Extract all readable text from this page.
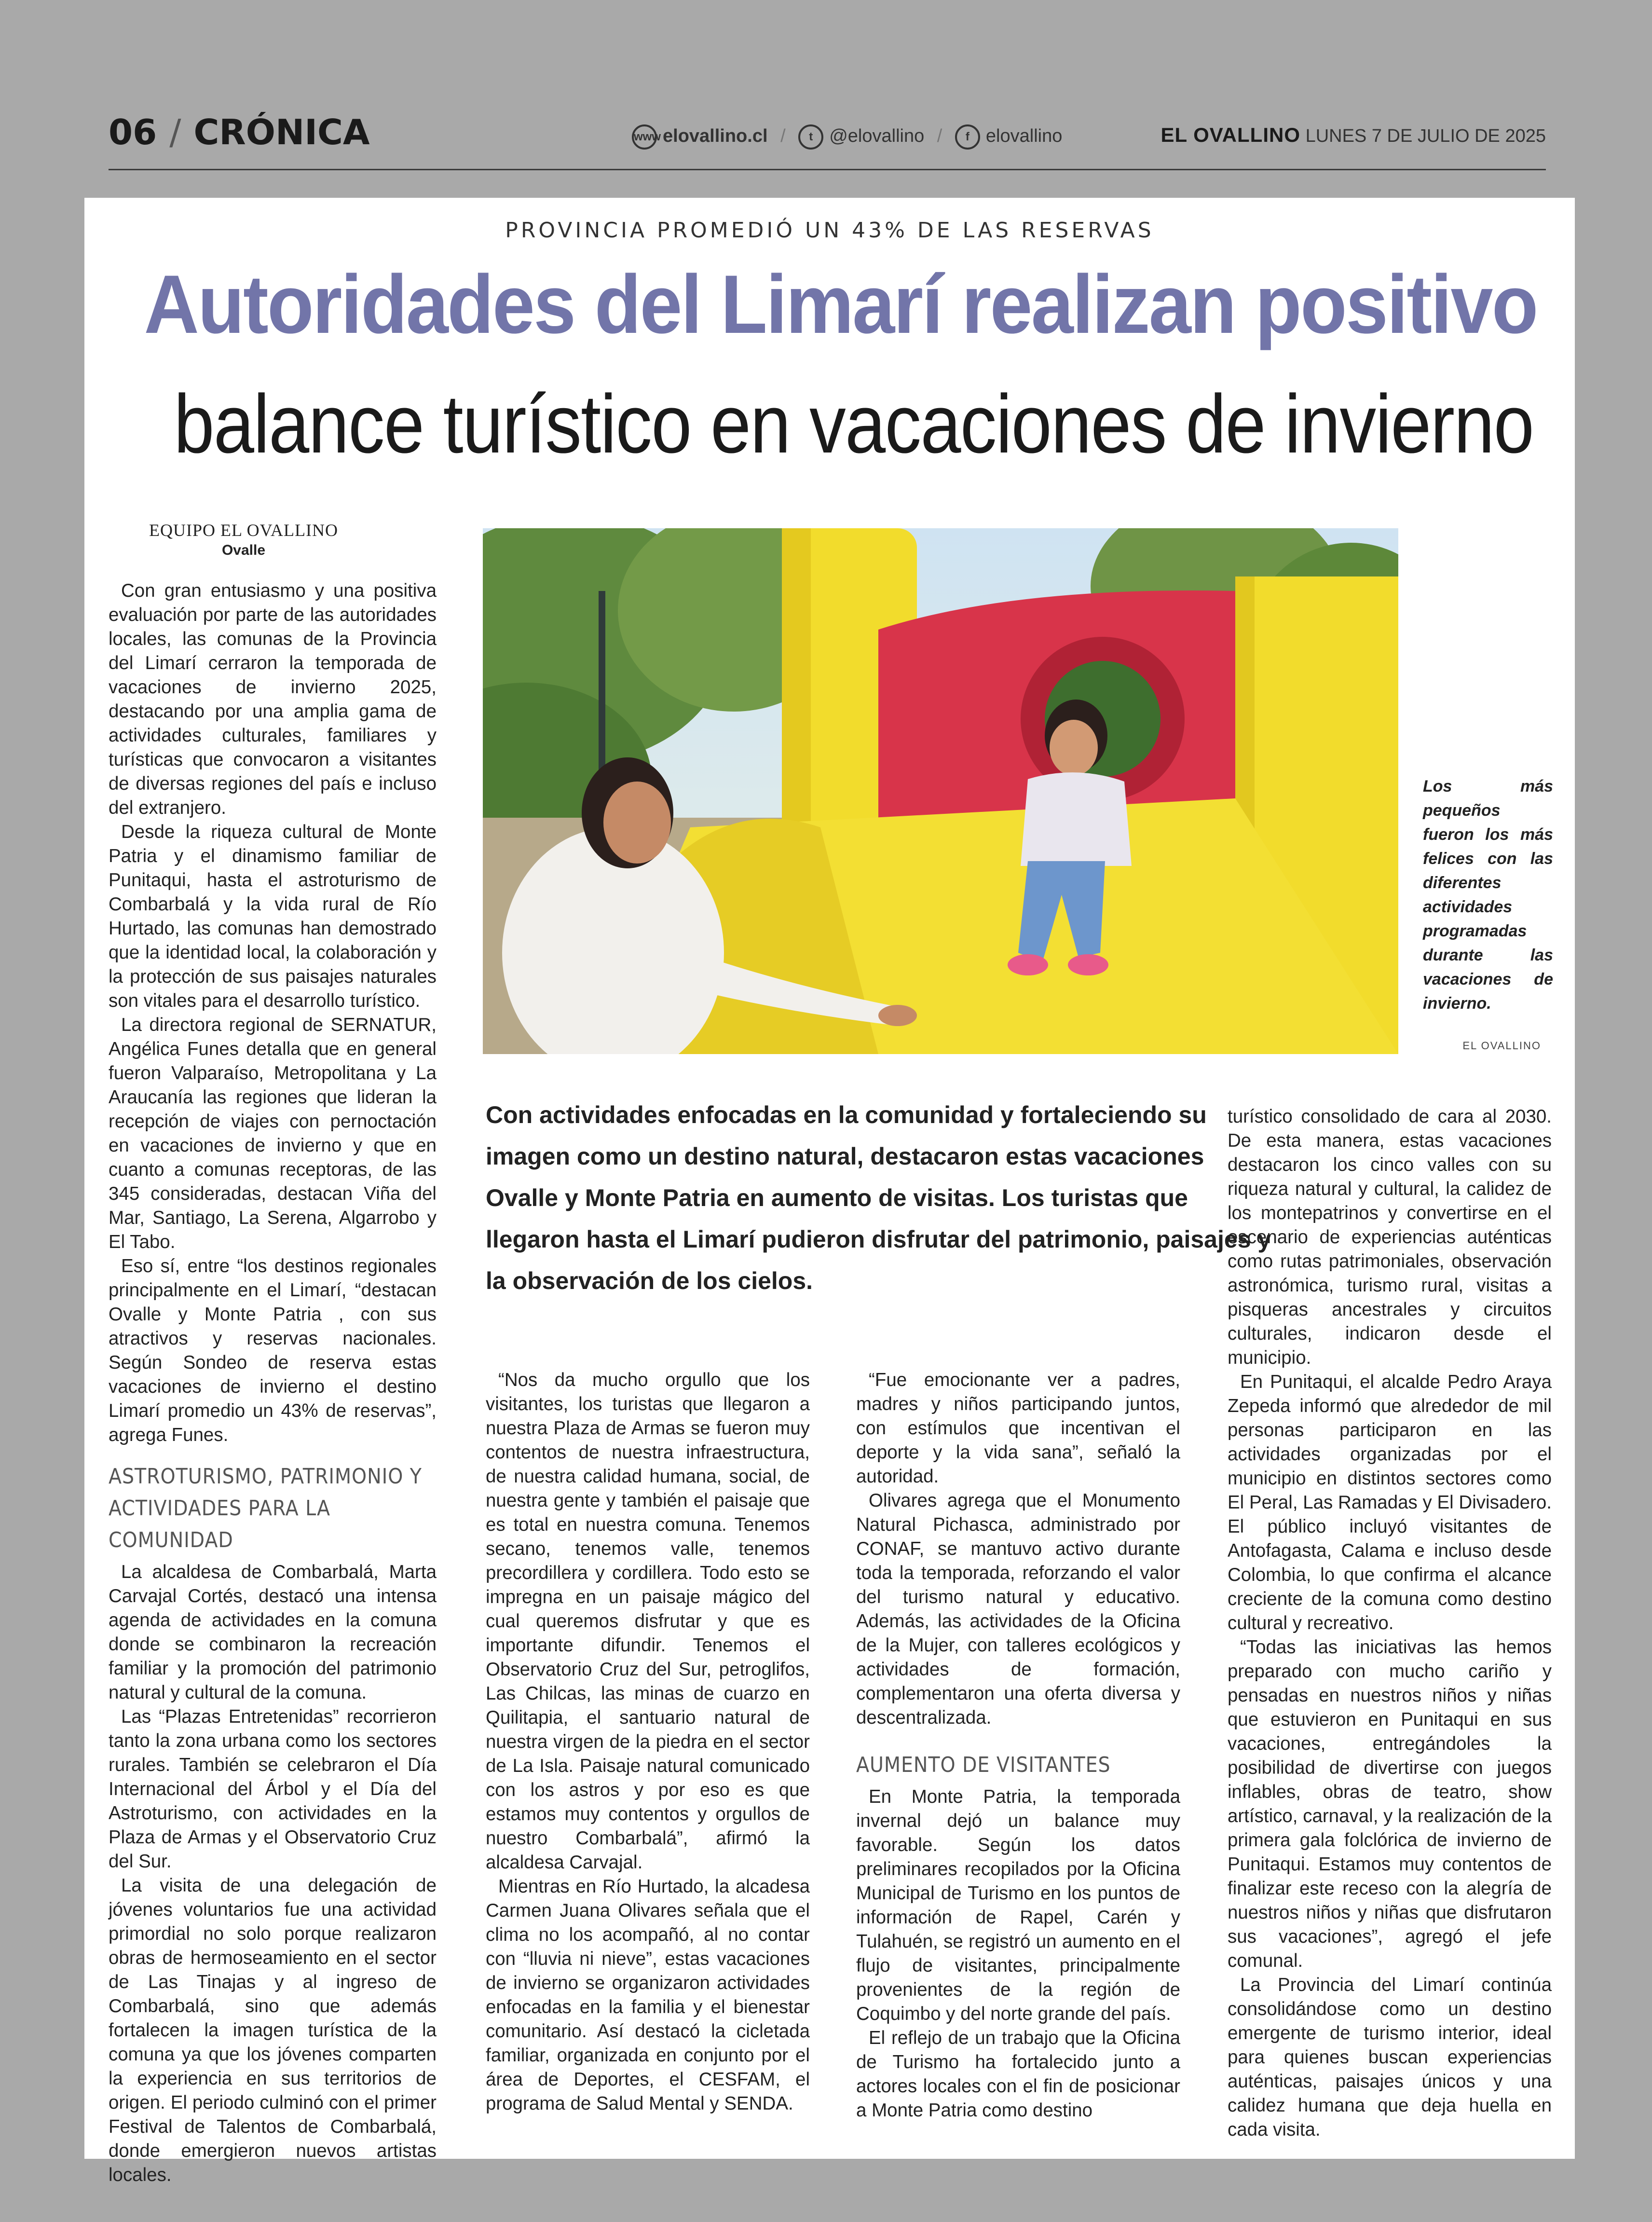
06 / CRÓNICA	www elovallino.cl / t @elovallino / f elovallino	EL OVALLINO LUNES 7 DE JULIO DE 2025
PROVINCIA PROMEDIÓ UN 43% DE LAS RESERVAS
Autoridades del Limarí realizan positivo
balance turístico en vacaciones de invierno
EQUIPO EL OVALLINO
Ovalle

Con gran entusiasmo y una positiva evaluación por parte de las autoridades locales, las comunas de la Provincia del Limarí cerraron la temporada de vacaciones de invierno 2025, destacando por una amplia gama de actividades culturales, familiares y turísticas que convocaron a visitantes de diversas regiones del país e incluso del extranjero.

Desde la riqueza cultural de Monte Patria y el dinamismo familiar de Punitaqui, hasta el astroturismo de Combarbalá y la vida rural de Río Hurtado, las comunas han demostrado que la identidad local, la colaboración y la protección de sus paisajes naturales son vitales para el desarrollo turístico.

La directora regional de SERNATUR, Angélica Funes detalla que en general fueron Valparaíso, Metropolitana y La Araucanía las regiones que lideran la recepción de viajes con pernoctación en vacaciones de invierno y que en cuanto a comunas receptoras, de las 345 consideradas, destacan Viña del Mar, Santiago, La Serena, Algarrobo y El Tabo.

Eso sí, entre “los destinos regionales principalmente en el Limarí, “destacan Ovalle y Monte Patria , con sus atractivos y reservas nacionales. Según Sondeo de reserva estas vacaciones de invierno el destino Limarí promedio un 43% de reservas”, agrega Funes.

ASTROTURISMO, PATRIMONIO Y ACTIVIDADES PARA LA COMUNIDAD

La alcaldesa de Combarbalá, Marta Carvajal Cortés, destacó una intensa agenda de actividades en la comuna donde se combinaron la recreación familiar y la promoción del patrimonio natural y cultural de la comuna.

Las “Plazas Entretenidas” recorrieron tanto la zona urbana como los sectores rurales. También se celebraron el Día Internacional del Árbol y el Día del Astroturismo, con actividades en la Plaza de Armas y el Observatorio Cruz del Sur.

La visita de una delegación de jóvenes voluntarios fue una actividad primordial no solo porque realizaron obras de hermoseamiento en el sector de Las Tinajas y al ingreso de Combarbalá, sino que además fortalecen la imagen turística de la comuna ya que los jóvenes comparten la experiencia en sus territorios de origen. El periodo culminó con el primer Festival de Talentos de Combarbalá, donde emergieron nuevos artistas locales.

Los más pequeños fueron los más felices con las diferentes actividades programadas durante las vacaciones de invierno.
EL OVALLINO
Con actividades enfocadas en la comunidad y fortaleciendo su imagen como un destino natural, destacaron estas vacaciones Ovalle y Monte Patria en aumento de visitas. Los turistas que llegaron hasta el Limarí pudieron disfrutar del patrimonio, paisajes y la observación de los cielos.

“Nos da mucho orgullo que los visitantes, los turistas que llegaron a nuestra Plaza de Armas se fueron muy contentos de nuestra infraestructura, de nuestra calidad humana, social, de nuestra gente y también el paisaje que es total en nuestra comuna. Tenemos secano, tenemos valle, tenemos precordillera y cordillera. Todo esto se impregna en un paisaje mágico del cual queremos disfrutar y que es importante difundir. Tenemos el Observatorio Cruz del Sur, petroglifos, Las Chilcas, las minas de cuarzo en Quilitapia, el santuario natural de nuestra virgen de la piedra en el sector de La Isla. Paisaje natural comunicado con los astros y por eso es que estamos muy contentos y orgullos de nuestro Combarbalá”, afirmó la alcaldesa Carvajal.

Mientras en Río Hurtado, la alcadesa Carmen Juana Olivares señala que el clima no los acompañó, al no contar con “lluvia ni nieve”, estas vacaciones de invierno se organizaron actividades enfocadas en la familia y el bienestar comunitario. Así destacó la cicletada familiar, organizada en conjunto por el área de Deportes, el CESFAM, el programa de Salud Mental y SENDA.

“Fue emocionante ver a padres, madres y niños participando juntos, con estímulos que incentivan el deporte y la vida sana”, señaló la autoridad.

Olivares agrega que el Monumento Natural Pichasca, administrado por CONAF, se mantuvo activo durante toda la temporada, reforzando el valor del turismo natural y educativo. Además, las actividades de la Oficina de la Mujer, con talleres ecológicos y actividades de formación, complementaron una oferta diversa y descentralizada.

AUMENTO DE VISITANTES

En Monte Patria, la temporada invernal dejó un balance muy favorable. Según los datos preliminares recopilados por la Oficina Municipal de Turismo en los puntos de información de Rapel, Carén y Tulahuén, se registró un aumento en el flujo de visitantes, principalmente provenientes de la región de Coquimbo y del norte grande del país.

El reflejo de un trabajo que la Oficina de Turismo ha fortalecido junto a actores locales con el fin de posicionar a Monte Patria como destino

turístico consolidado de cara al 2030. De esta manera, estas vacaciones destacaron los cinco valles con su riqueza natural y cultural, la calidez de los montepatrinos y convertirse en el escenario de experiencias auténticas como rutas patrimoniales, observación astronómica, turismo rural, visitas a pisqueras ancestrales y circuitos culturales, indicaron desde el municipio.

En Punitaqui, el alcalde Pedro Araya Zepeda informó que alrededor de mil personas participaron en las actividades organizadas por el municipio en distintos sectores como El Peral, Las Ramadas y El Divisadero. El público incluyó visitantes de Antofagasta, Calama e incluso desde Colombia, lo que confirma el alcance creciente de la comuna como destino cultural y recreativo.

“Todas las iniciativas las hemos preparado con mucho cariño y pensadas en nuestros niños y niñas que estuvieron en Punitaqui en sus vacaciones, entregándoles la posibilidad de divertirse con juegos inflables, obras de teatro, show artístico, carnaval, y la realización de la primera gala folclórica de invierno de Punitaqui. Estamos muy contentos de finalizar este receso con la alegría de nuestros niños y niñas que disfrutaron sus vacaciones”, agregó el jefe comunal.

La Provincia del Limarí continúa consolidándose como un destino emergente de turismo interior, ideal para quienes buscan experiencias auténticas, paisajes únicos y una calidez humana que deja huella en cada visita.
